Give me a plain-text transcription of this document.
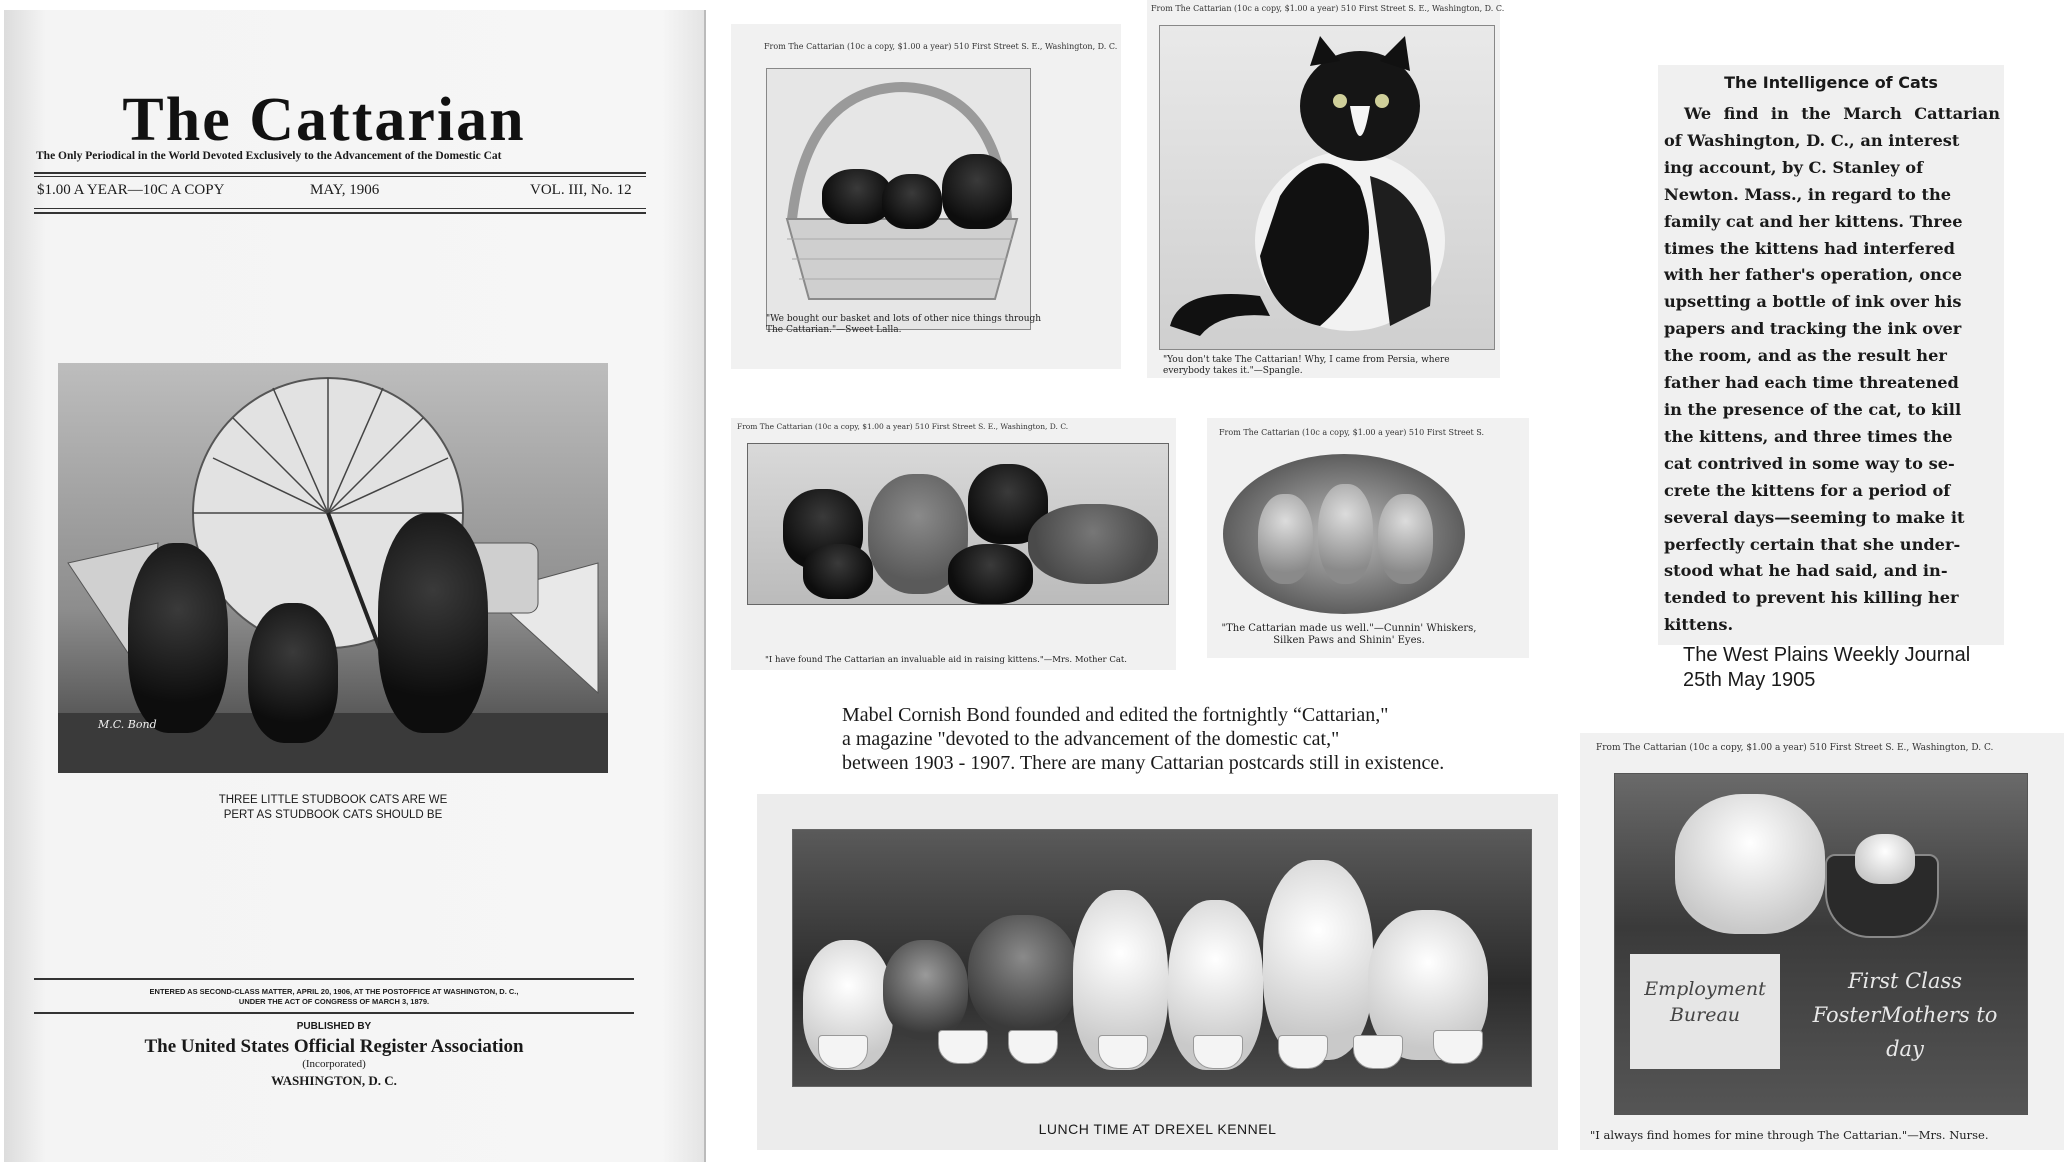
The Cattarian
The Only Periodical in the World Devoted Exclusively to the Advancement of the Domestic Cat
$1.00 A YEAR—10C A COPY	MAY, 1906	VOL. III, No. 12
M.C. Bond
THREE LITTLE STUDBOOK CATS ARE WE
PERT AS STUDBOOK CATS SHOULD BE
ENTERED AS SECOND-CLASS MATTER, APRIL 20, 1906, AT THE POSTOFFICE AT WASHINGTON, D. C.,
UNDER THE ACT OF CONGRESS OF MARCH 3, 1879.
PUBLISHED BY
The United States Official Register Association
(Incorporated)
WASHINGTON, D. C.
From The Cattarian (10c a copy, $1.00 a year) 510 First Street S. E., Washington, D. C.
"We bought our basket and lots of other nice things through The Cattarian."—Sweet Lalla.
From The Cattarian (10c a copy, $1.00 a year) 510 First Street S. E., Washington, D. C.
"You don't take The Cattarian! Why, I came from Persia, where everybody takes it."—Spangle.
The Intelligence of Cats
We find in the March Cattarian
of Washington, D. C., an interest
ing account, by C. Stanley of
Newton. Mass., in regard to the
family cat and her kittens. Three
times the kittens had interfered
with her father's operation, once
upsetting a bottle of ink over his
papers and tracking the ink over
the room, and as the result her
father had each time threatened
in the presence of the cat, to kill
the kittens, and three times the
cat contrived in some way to se-
crete the kittens for a period of
several days—seeming to make it
perfectly certain that she under-
stood what he had said, and in-
tended to prevent his killing her
kittens.
The West Plains Weekly Journal
25th May 1905
From The Cattarian (10c a copy, $1.00 a year) 510 First Street S. E., Washington, D. C.
"I have found The Cattarian an invaluable aid in raising kittens."—Mrs. Mother Cat.
From The Cattarian (10c a copy, $1.00 a year) 510 First Street S.
"The Cattarian made us well."—Cunnin' Whiskers, Silken Paws and Shinin' Eyes.
Mabel Cornish Bond founded and edited the fortnightly “Cattarian,"
a magazine "devoted to the advancement of the domestic cat,"
between 1903 - 1907. There are many Cattarian postcards still in existence.
LUNCH TIME AT DREXEL KENNEL
From The Cattarian (10c a copy, $1.00 a year) 510 First Street S. E., Washington, D. C.
Employment Bureau
First Class FosterMothers to day
"I always find homes for mine through The Cattarian."—Mrs. Nurse.
